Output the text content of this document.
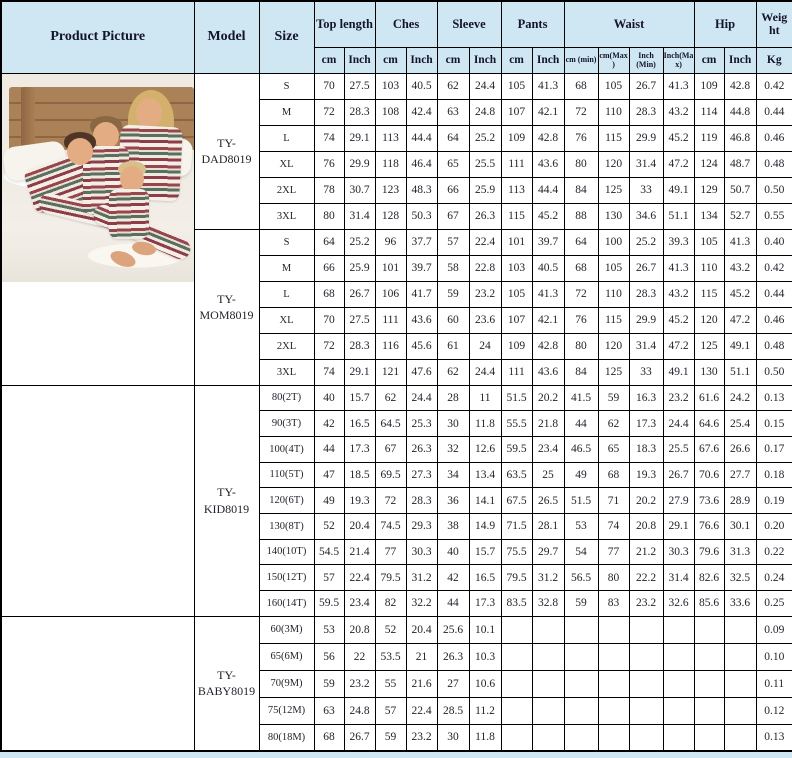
Product Picture	Model	Size	Top length		Ches		Sleeve		Pants		Waist				Hip		Weight
			cm	Inch	cm	Inch	cm	Inch	cm	Inch	cm (min)	cm(Max)	Inch (Min)	Inch(Max)	cm	Inch	Kg

	TY-DAD8019	S	70	27.5	103	40.5	62	24.4	105	41.3	68	105	26.7	41.3	109	42.8	0.42
		M	72	28.3	108	42.4	63	24.8	107	42.1	72	110	28.3	43.2	114	44.8	0.44
		L	74	29.1	113	44.4	64	25.2	109	42.8	76	115	29.9	45.2	119	46.8	0.46
		XL	76	29.9	118	46.4	65	25.5	111	43.6	80	120	31.4	47.2	124	48.7	0.48
		2XL	78	30.7	123	48.3	66	25.9	113	44.4	84	125	33	49.1	129	50.7	0.50
		3XL	80	31.4	128	50.3	67	26.3	115	45.2	88	130	34.6	51.1	134	52.7	0.55
	TY-MOM8019	S	64	25.2	96	37.7	57	22.4	101	39.7	64	100	25.2	39.3	105	41.3	0.40
		M	66	25.9	101	39.7	58	22.8	103	40.5	68	105	26.7	41.3	110	43.2	0.42
		L	68	26.7	106	41.7	59	23.2	105	41.3	72	110	28.3	43.2	115	45.2	0.44
		XL	70	27.5	111	43.6	60	23.6	107	42.1	76	115	29.9	45.2	120	47.2	0.46
		2XL	72	28.3	116	45.6	61	24	109	42.8	80	120	31.4	47.2	125	49.1	0.48
		3XL	74	29.1	121	47.6	62	24.4	111	43.6	84	125	33	49.1	130	51.1	0.50
	TY-KID8019	80(2T)	40	15.7	62	24.4	28	11	51.5	20.2	41.5	59	16.3	23.2	61.6	24.2	0.13
		90(3T)	42	16.5	64.5	25.3	30	11.8	55.5	21.8	44	62	17.3	24.4	64.6	25.4	0.15
		100(4T)	44	17.3	67	26.3	32	12.6	59.5	23.4	46.5	65	18.3	25.5	67.6	26.6	0.17
		110(5T)	47	18.5	69.5	27.3	34	13.4	63.5	25	49	68	19.3	26.7	70.6	27.7	0.18
		120(6T)	49	19.3	72	28.3	36	14.1	67.5	26.5	51.5	71	20.2	27.9	73.6	28.9	0.19
		130(8T)	52	20.4	74.5	29.3	38	14.9	71.5	28.1	53	74	20.8	29.1	76.6	30.1	0.20
		140(10T)	54.5	21.4	77	30.3	40	15.7	75.5	29.7	54	77	21.2	30.3	79.6	31.3	0.22
		150(12T)	57	22.4	79.5	31.2	42	16.5	79.5	31.2	56.5	80	22.2	31.4	82.6	32.5	0.24
		160(14T)	59.5	23.4	82	32.2	44	17.3	83.5	32.8	59	83	23.2	32.6	85.6	33.6	0.25
	TY-BABY8019	60(3M)	53	20.8	52	20.4	25.6	10.1									0.09
		65(6M)	56	22	53.5	21	26.3	10.3									0.10
		70(9M)	59	23.2	55	21.6	27	10.6									0.11
		75(12M)	63	24.8	57	22.4	28.5	11.2									0.12
		80(18M)	68	26.7	59	23.2	30	11.8									0.13
